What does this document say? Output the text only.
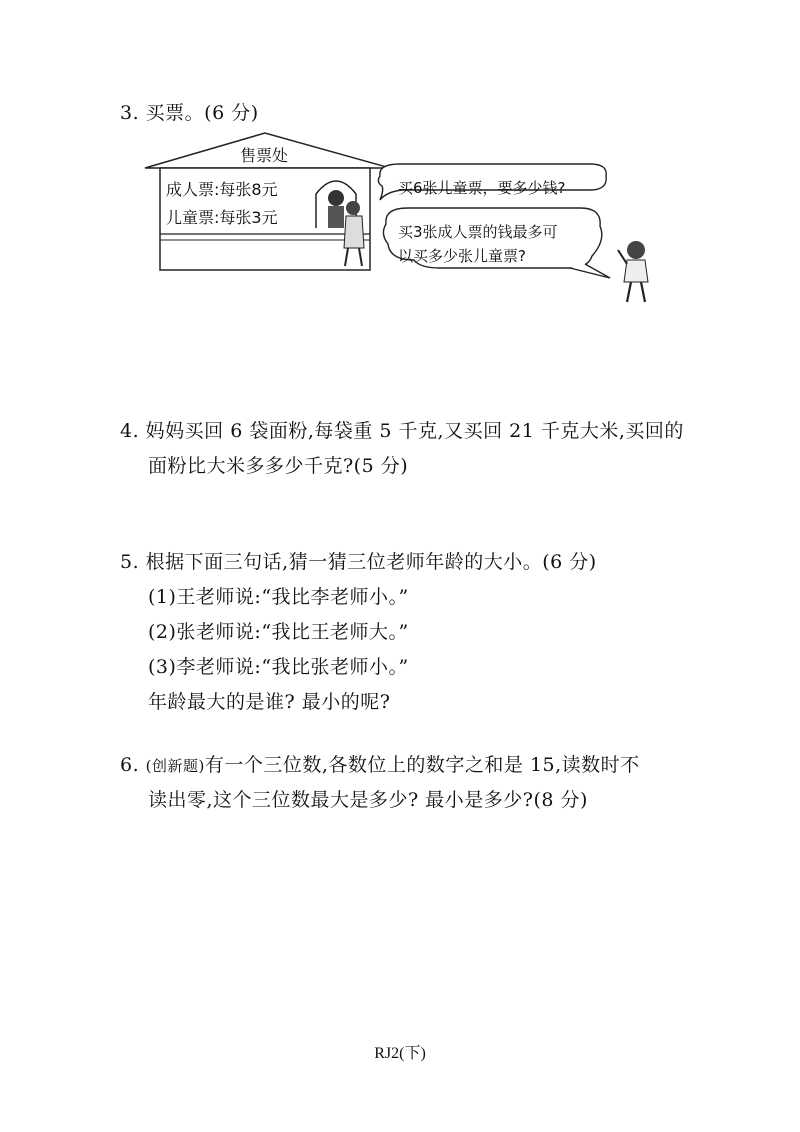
3. 买票。(6 分)
售票处
成人票:每张8元
儿童票:每张3元
买6张儿童票，要多少钱?
买3张成人票的钱最多可
以买多少张儿童票?
4. 妈妈买回 6 袋面粉,每袋重 5 千克,又买回 21 千克大米,买回的
面粉比大米多多少千克?(5 分)
5. 根据下面三句话,猜一猜三位老师年龄的大小。(6 分)
(1)王老师说:“我比李老师小。”
(2)张老师说:“我比王老师大。”
(3)李老师说:“我比张老师小。”
年龄最大的是谁? 最小的呢?
6. (创新题)有一个三位数,各数位上的数字之和是 15,读数时不
读出零,这个三位数最大是多少? 最小是多少?(8 分)
RJ2(下)
